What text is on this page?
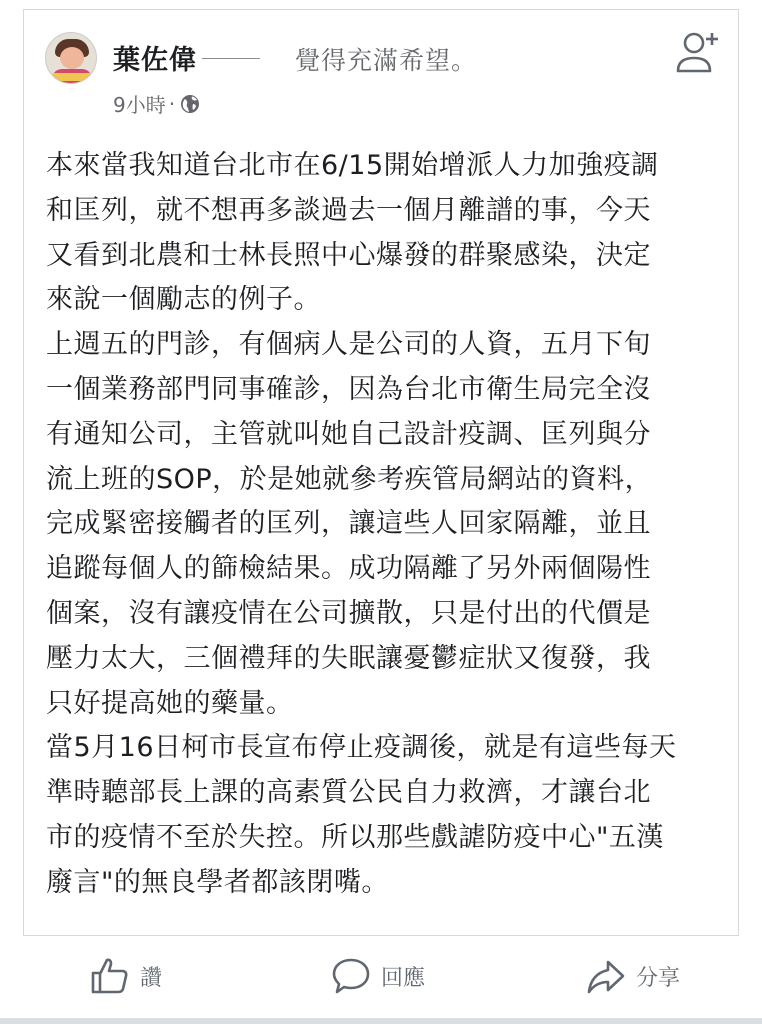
葉佐偉	覺得充滿希望。
9小時 ·

本來當我知道台北市在6/15開始增派人力加強疫調
和匡列，就不想再多談過去一個月離譜的事，今天
又看到北農和士林長照中心爆發的群聚感染，決定
來說一個勵志的例子。

上週五的門診，有個病人是公司的人資，五月下旬
一個業務部門同事確診，因為台北市衛生局完全沒
有通知公司，主管就叫她自己設計疫調、匡列與分
流上班的SOP，於是她就參考疾管局網站的資料，
完成緊密接觸者的匡列，讓這些人回家隔離，並且
追蹤每個人的篩檢結果。成功隔離了另外兩個陽性
個案，沒有讓疫情在公司擴散，只是付出的代價是
壓力太大，三個禮拜的失眠讓憂鬱症狀又復發，我
只好提高她的藥量。

當5月16日柯市長宣布停止疫調後，就是有這些每天
準時聽部長上課的高素質公民自力救濟，才讓台北
市的疫情不至於失控。所以那些戲謔防疫中心"五漢
廢言"的無良學者都該閉嘴。

讚	回應	分享
